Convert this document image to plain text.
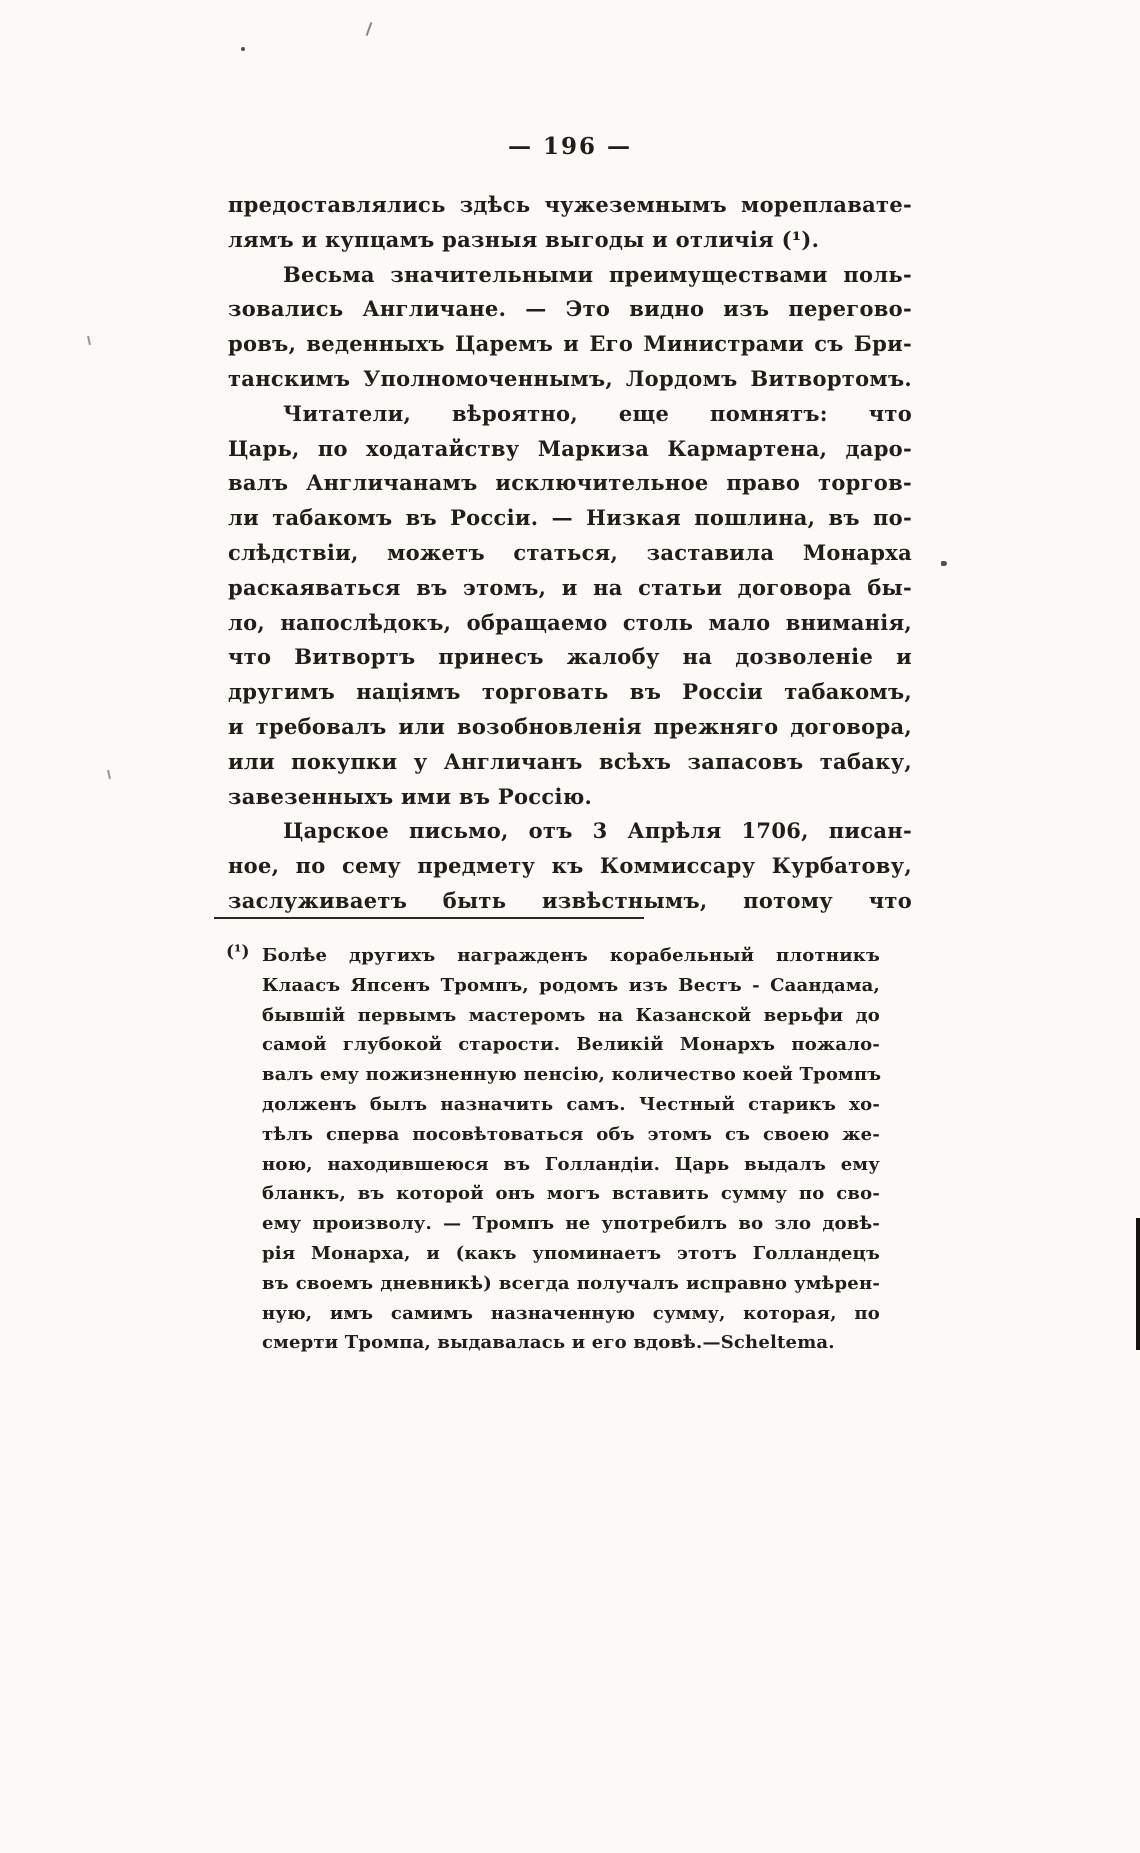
— 196 —
предоставлялись здѣсь чужеземнымъ мореплавате-
лямъ и купцамъ разныя выгоды и отличія (¹).
Весьма значительными преимуществами поль-
зовались Англичане. — Это видно изъ перегово-
ровъ, веденныхъ Царемъ и Его Министрами съ Бри-
танскимъ Уполномоченнымъ, Лордомъ Витвортомъ.
Читатели, вѣроятно, еще помнятъ: что
Царь, по ходатайству Маркиза Кармартена, даро-
валъ Англичанамъ исключительное право торгов-
ли табакомъ въ Россіи. — Низкая пошлина, въ по-
слѣдствіи, можетъ статься, заставила Монарха
раскаяваться въ этомъ, и на статьи договора бы-
ло, напослѣдокъ, обращаемо столь мало вниманія,
что Витвортъ принесъ жалобу на дозволеніе и
другимъ націямъ торговать въ Россіи табакомъ,
и требовалъ или возобновленія прежняго договора,
или покупки у Англичанъ всѣхъ запасовъ табаку,
завезенныхъ ими въ Россію.
Царское письмо, отъ 3 Апрѣля 1706, писан-
ное, по сему предмету къ Коммиссару Курбатову,
заслуживаетъ быть извѣстнымъ, потому что
(¹) Болѣе другихъ награжденъ корабельный плотникъ
Клаасъ Япсенъ Тромпъ, родомъ изъ Вестъ - Саандама,
бывшій первымъ мастеромъ на Казанской верьфи до
самой глубокой старости. Великій Монархъ пожало-
валъ ему пожизненную пенсію, количество коей Тромпъ
долженъ былъ назначить самъ. Честный старикъ хо-
тѣлъ сперва посовѣтоваться объ этомъ съ своею же-
ною, находившеюся въ Голландіи. Царь выдалъ ему
бланкъ, въ которой онъ могъ вставить сумму по сво-
ему произволу. — Тромпъ не употребилъ во зло довѣ-
рія Монарха, и (какъ упоминаетъ этотъ Голландецъ
въ своемъ дневникѣ) всегда получалъ исправно умѣрен-
ную, имъ самимъ назначенную сумму, которая, по
смерти Тромпа, выдавалась и его вдовѣ.—Scheltema.
